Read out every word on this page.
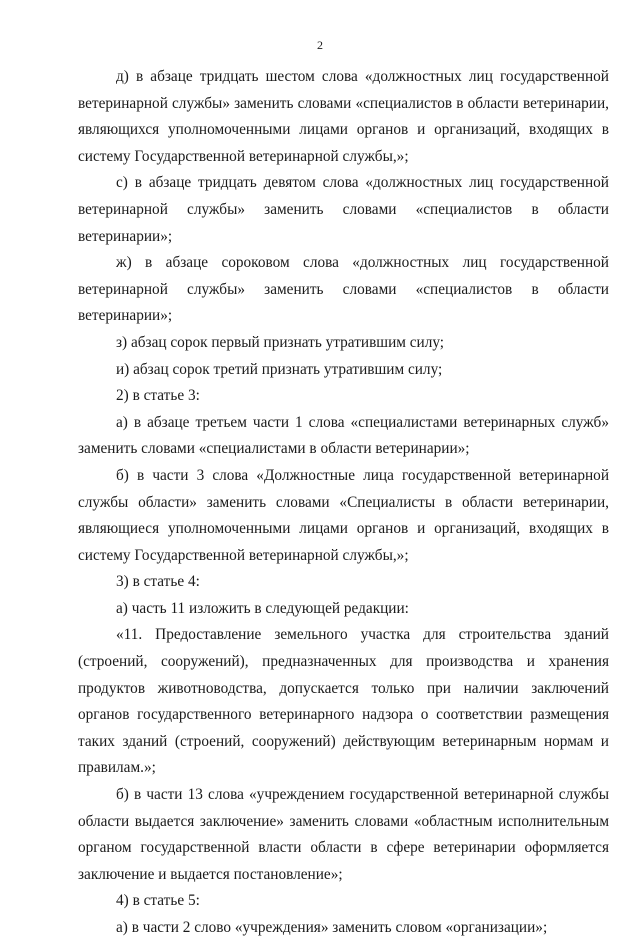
2

д) в абзаце тридцать шестом слова «должностных лиц государственной ветеринарной службы» заменить словами «специалистов в области ветеринарии, являющихся уполномоченными лицами органов и организаций, входящих в систему Государственной ветеринарной службы,»;

с) в абзаце тридцать девятом слова «должностных лиц государственной ветеринарной службы» заменить словами «специалистов в области ветеринарии»;

ж) в абзаце сороковом слова «должностных лиц государственной ветеринарной службы» заменить словами «специалистов в области ветеринарии»;

з) абзац сорок первый признать утратившим силу;

и) абзац сорок третий признать утратившим силу;

2) в статье 3:

а) в абзаце третьем части 1 слова «специалистами ветеринарных служб» заменить словами «специалистами в области ветеринарии»;

б) в части 3 слова «Должностные лица государственной ветеринарной службы области» заменить словами «Специалисты в области ветеринарии, являющиеся уполномоченными лицами органов и организаций, входящих в систему Государственной ветеринарной службы,»;

3) в статье 4:

а) часть 11 изложить в следующей редакции:

«11. Предоставление земельного участка для строительства зданий (строений, сооружений), предназначенных для производства и хранения продуктов животноводства, допускается только при наличии заключений органов государственного ветеринарного надзора о соответствии размещения таких зданий (строений, сооружений) действующим ветеринарным нормам и правилам.»;

б) в части 13 слова «учреждением государственной ветеринарной службы области выдается заключение» заменить словами «областным исполнительным органом государственной власти области в сфере ветеринарии оформляется заключение и выдается постановление»;

4) в статье 5:

а) в части 2 слово «учреждения» заменить словом «организации»;
